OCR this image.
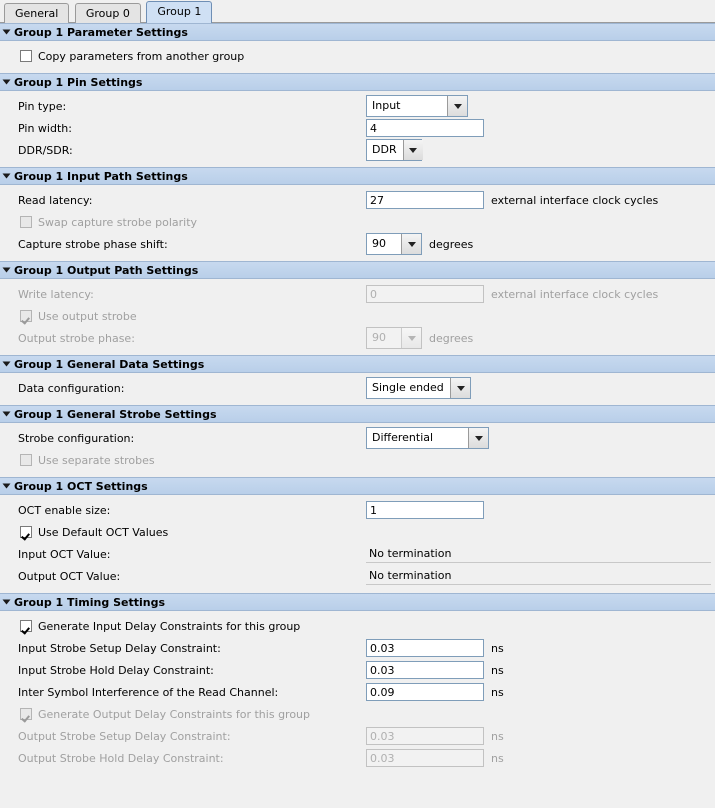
General	Group 0	Group 1
Group 1 Parameter Settings
Copy parameters from another group
Group 1 Pin Settings
Pin type:	Input
Pin width:	4
DDR/SDR:	DDR
Group 1 Input Path Settings
Read latency:	27	external interface clock cycles
Swap capture strobe polarity
Capture strobe phase shift:	90	degrees
Group 1 Output Path Settings
Write latency:	0	external interface clock cycles
Use output strobe
Output strobe phase:	90	degrees
Group 1 General Data Settings
Data configuration:	Single ended
Group 1 General Strobe Settings
Strobe configuration:	Differential
Use separate strobes
Group 1 OCT Settings
OCT enable size:	1
Use Default OCT Values
Input OCT Value:	No termination
Output OCT Value:	No termination
Group 1 Timing Settings
Generate Input Delay Constraints for this group
Input Strobe Setup Delay Constraint:	0.03	ns
Input Strobe Hold Delay Constraint:	0.03	ns
Inter Symbol Interference of the Read Channel:	0.09	ns
Generate Output Delay Constraints for this group
Output Strobe Setup Delay Constraint:	0.03	ns
Output Strobe Hold Delay Constraint:	0.03	ns
